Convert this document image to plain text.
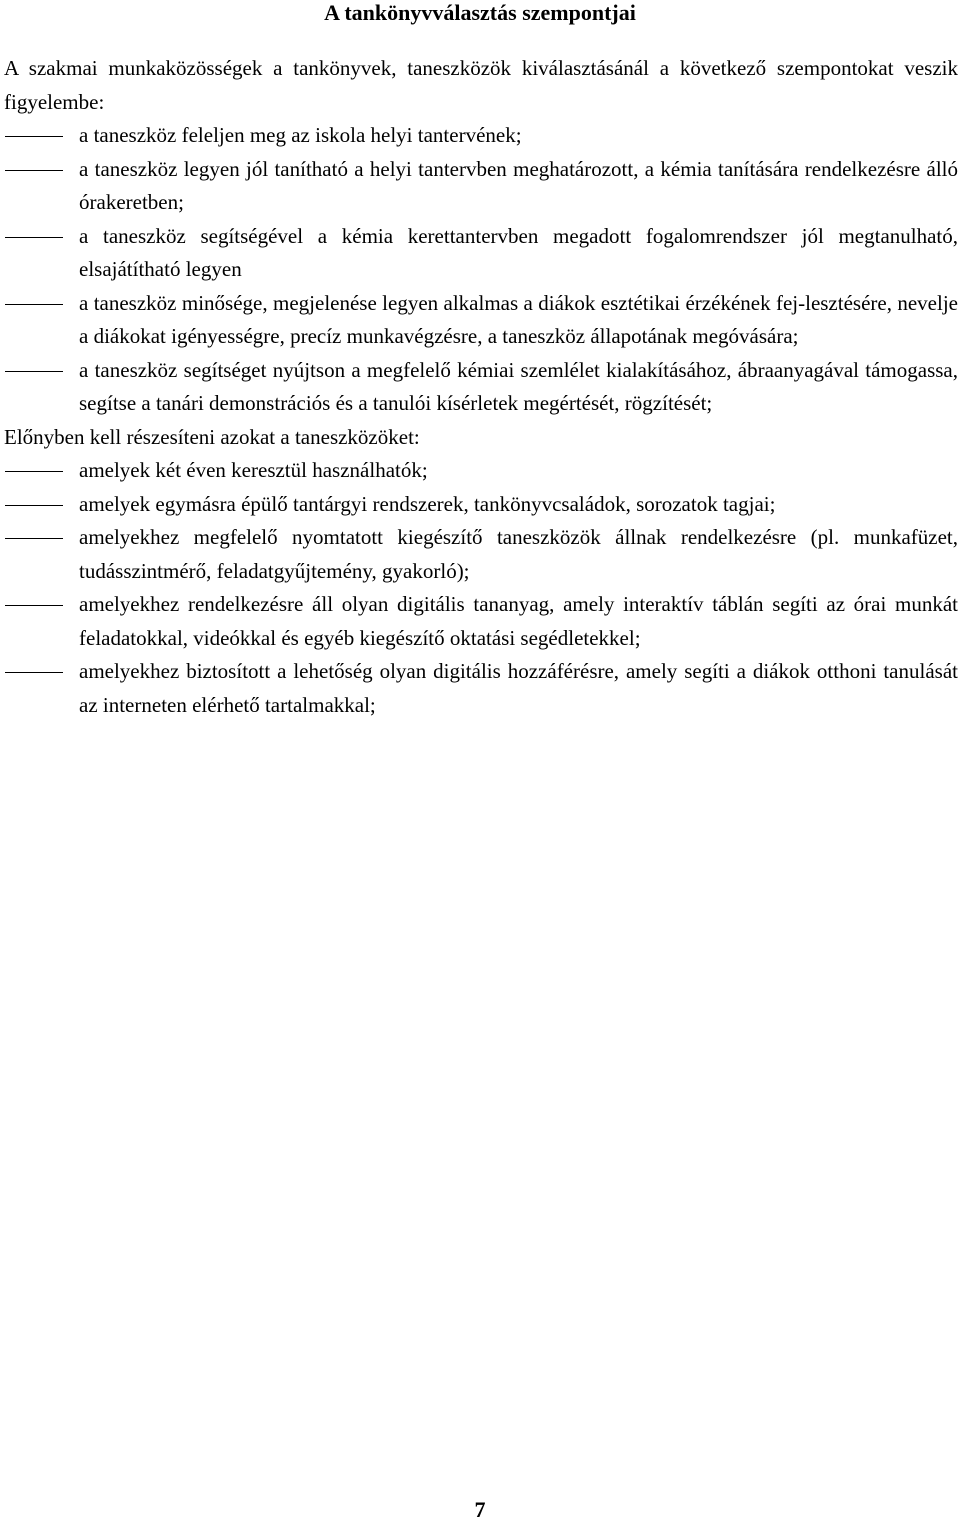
A tankönyvválasztás szempontjai

A szakmai munkaközösségek a tankönyvek, taneszközök kiválasztásánál a következő szempontokat veszik figyelembe:

a taneszköz feleljen meg az iskola helyi tantervének;
a taneszköz legyen jól tanítható a helyi tantervben meghatározott, a kémia tanítására rendelkezésre álló órakeretben;
a taneszköz segítségével a kémia kerettantervben megadott fogalomrendszer jól megtanulható, elsajátítható legyen
a taneszköz minősége, megjelenése legyen alkalmas a diákok esztétikai érzékének fej-lesztésére, nevelje a diákokat igényességre, precíz munkavégzésre, a taneszköz állapotának megóvására;
a taneszköz segítséget nyújtson a megfelelő kémiai szemlélet kialakításához, ábraanyagával támogassa, segítse a tanári demonstrációs és a tanulói kísérletek megértését, rögzítését;

Előnyben kell részesíteni azokat a taneszközöket:

amelyek két éven keresztül használhatók;
amelyek egymásra épülő tantárgyi rendszerek, tankönyvcsaládok, sorozatok tagjai;
amelyekhez megfelelő nyomtatott kiegészítő taneszközök állnak rendelkezésre (pl. munkafüzet, tudásszintmérő, feladatgyűjtemény, gyakorló);
amelyekhez rendelkezésre áll olyan digitális tananyag, amely interaktív táblán segíti az órai munkát feladatokkal, videókkal és egyéb kiegészítő oktatási segédletekkel;
amelyekhez biztosított a lehetőség olyan digitális hozzáférésre, amely segíti a diákok otthoni tanulását az interneten elérhető tartalmakkal;
7
